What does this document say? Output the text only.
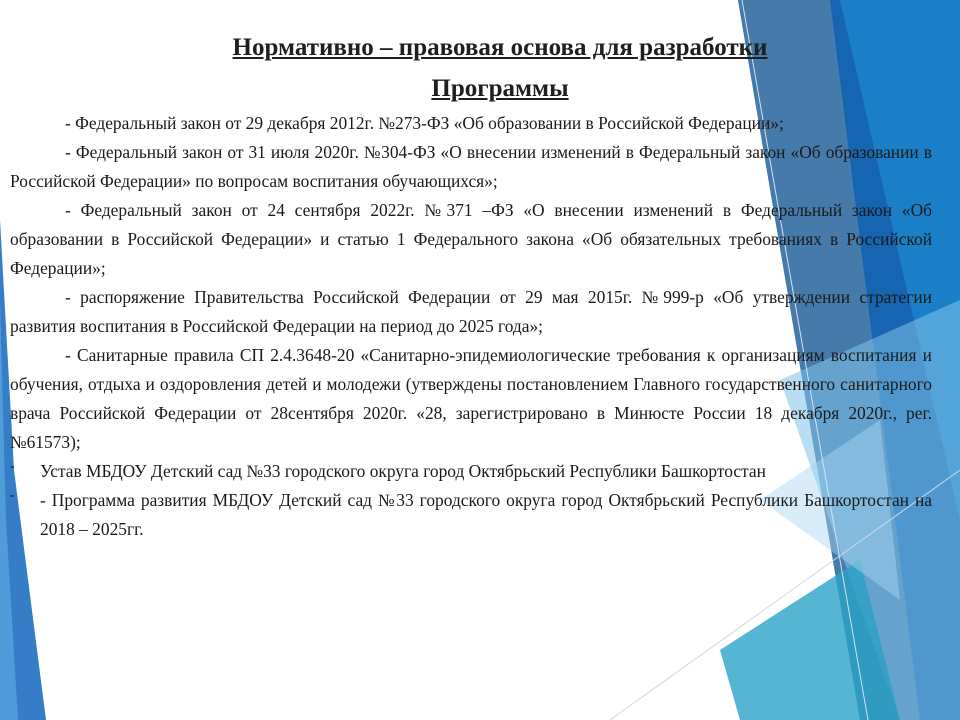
Нормативно – правовая основа для разработки
Программы

- Федеральный закон от 29 декабря 2012г. №273-ФЗ «Об образовании в Российской Федерации»;

- Федеральный закон от 31 июля 2020г. №304-ФЗ «О внесении изменений в Федеральный закон «Об образовании в Российской Федерации» по вопросам воспитания обучающихся»;

- Федеральный закон от 24 сентября 2022г. №371 –ФЗ «О внесении изменений в Федеральный закон «Об образовании в Российской Федерации» и статью 1 Федерального закона «Об обязательных требованиях в Российской Федерации»;

- распоряжение Правительства Российской Федерации от 29 мая 2015г. №999-р «Об утверждении стратегии развития воспитания в Российской Федерации на период до 2025 года»;

- Санитарные правила СП 2.4.3648-20 «Санитарно-эпидемиологические требования к организациям воспитания и обучения, отдыха и оздоровления детей и молодежи (утверждены постановлением Главного государственного санитарного врача Российской Федерации от 28сентября 2020г. «28, зарегистрировано в Минюсте России 18 декабря 2020г., рег.№61573);

- Устав МБДОУ Детский сад №33 городского округа город Октябрьский Республики Башкортостан

- - Программа развития МБДОУ Детский сад №33 городского округа город Октябрьский Республики Башкортостан на 2018 – 2025гг.
